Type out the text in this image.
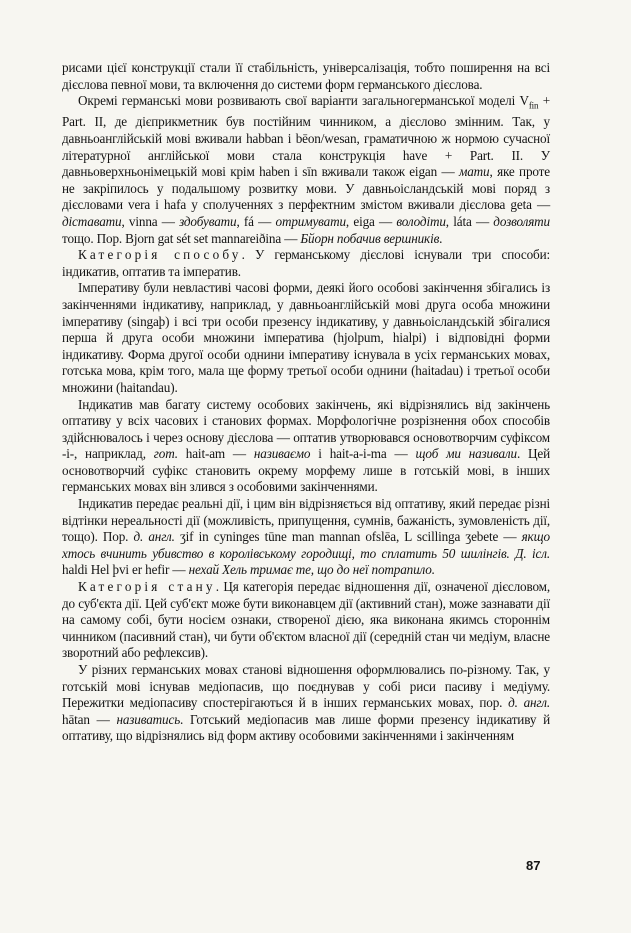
рисами цієї конструкції стали її стабільність, універсалізація, тобто поширення на всі дієслова певної мови, та включення до системи форм германського дієслова.

Окремі германські мови розвивають свої варіанти загальногерманської моделі $V_{fin}$ + Part. II, де дієприкметник був постійним чинником, а дієслово змінним. Так, у давньоанглійській мові вживали habban і bēon/wesan, граматичною ж нормою сучасної літературної англійської мови стала конструкція have + Part. II. У давньоверхньонімецькій мові крім haben і sīn вживали також eigan — мати, яке проте не закріпилось у подальшому розвитку мови. У давньоісландській мові поряд з дієсловами vera і hafa у сполученнях з перфектним змістом вживали дієслова geta — діставати, vinna — здобувати, fá — отримувати, eiga — володіти, láta — дозволяти тощо. Пор. Bjorn gat sét set mannareiðina — Бйорн побачив вершників.

Категорія способу. У германському дієслові існували три способи: індикатив, оптатив та імператив.

Імперативу були невластиві часові форми, деякі його особові закінчення збігались із закінченнями індикативу, наприклад, у давньоанглійській мові друга особа множини імперативу (singaþ) і всі три особи презенсу індикативу, у давньоісландській збігалися перша й друга особи множини імператива (hjolpum, hialpi) і відповідні форми індикативу. Форма другої особи однини імперативу існувала в усіх германських мовах, готська мова, крім того, мала ще форму третьої особи однини (haitadau) і третьої особи множини (haitandau).

Індикатив мав багату систему особових закінчень, які відрізнялись від закінчень оптативу у всіх часових і станових формах. Морфологічне розрізнення обох способів здійснювалось і через основу дієслова — оптатив утворювався основотворчим суфіксом -і-, наприклад, гот. hait-am — називаємо і hait-a-i-ma — щоб ми називали. Цей основотворчий суфікс становить окрему морфему лише в готській мові, в інших германських мовах він злився з особовими закінченнями.

Індикатив передає реальні дії, і цим він відрізняється від оптативу, який передає різні відтінки нереальності дії (можливість, припущення, сумнів, бажаність, зумовленість дії, тощо). Пор. д. англ. ʒif in cyninges tūne man mannan ofslēa, L scillinga ʒebete — якщо хтось вчинить убивство в королівському городищі, то сплатить 50 шилінгів. Д. ісл. haldi Hel þvi er hefir — нехай Хель тримає те, що до неї потрапило.

Категорія стану. Ця категорія передає відношення дії, означеної дієсловом, до суб'єкта дії. Цей суб'єкт може бути виконавцем дії (активний стан), може зазнавати дії на самому собі, бути носієм ознаки, створеної дією, яка виконана якимсь стороннім чинником (пасивний стан), чи бути об'єктом власної дії (середній стан чи медіум, власне зворотний або рефлексив).

У різних германських мовах станові відношення оформлювались по-різному. Так, у готській мові існував медіопасив, що поєднував у собі риси пасиву і медіуму. Пережитки медіопасиву спостерігаються й в інших германських мовах, пор. д. англ. hātan — називатись. Готський медіопасив мав лише форми презенсу індикативу й оптативу, що відрізнялись від форм активу особовими закінченнями і закінченням

87
